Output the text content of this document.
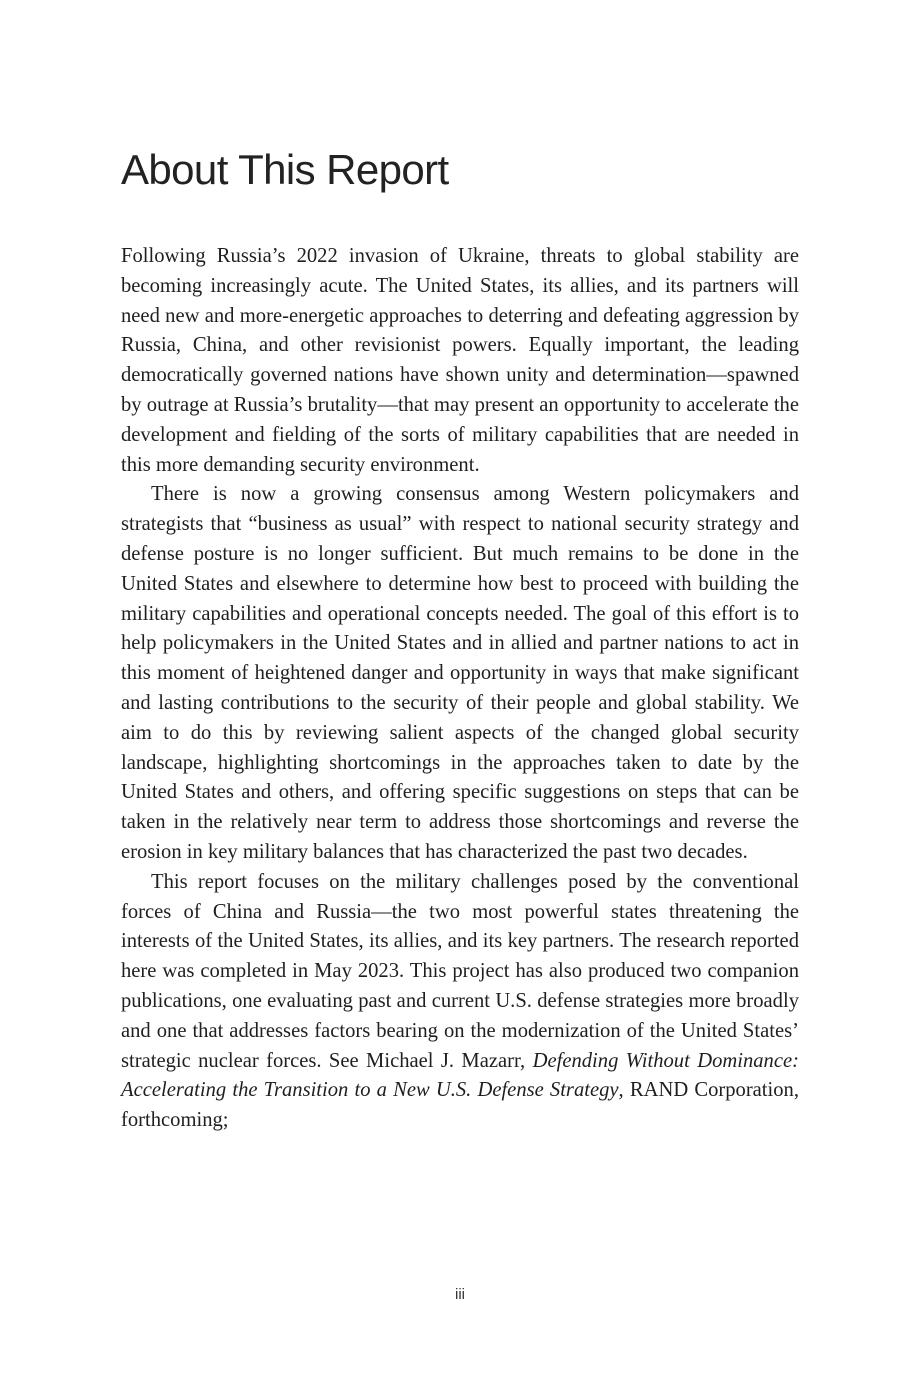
About This Report

Following Russia’s 2022 invasion of Ukraine, threats to global stability are becoming increasingly acute. The United States, its allies, and its partners will need new and more-energetic approaches to deterring and defeating aggression by Russia, China, and other revisionist powers. Equally important, the leading democratically governed nations have shown unity and determination—spawned by outrage at Russia’s brutality—that may present an opportunity to accelerate the development and fielding of the sorts of military capabilities that are needed in this more demanding security environment.

There is now a growing consensus among Western policymakers and strategists that “business as usual” with respect to national security strategy and defense posture is no longer sufficient. But much remains to be done in the United States and elsewhere to determine how best to proceed with building the military capabilities and operational concepts needed. The goal of this effort is to help policymakers in the United States and in allied and partner nations to act in this moment of heightened danger and opportunity in ways that make significant and lasting contributions to the security of their people and global stability. We aim to do this by reviewing salient aspects of the changed global security landscape, highlighting shortcomings in the approaches taken to date by the United States and others, and offering specific suggestions on steps that can be taken in the relatively near term to address those shortcomings and reverse the erosion in key military balances that has characterized the past two decades.

This report focuses on the military challenges posed by the conventional forces of China and Russia—the two most powerful states threatening the interests of the United States, its allies, and its key partners. The research reported here was completed in May 2023. This project has also produced two companion publications, one evaluating past and current U.S. defense strategies more broadly and one that addresses factors bearing on the modernization of the United States’ strategic nuclear forces. See Michael J. Mazarr, Defending Without Dominance: Accelerating the Transition to a New U.S. Defense Strategy, RAND Corporation, forthcoming;

iii
